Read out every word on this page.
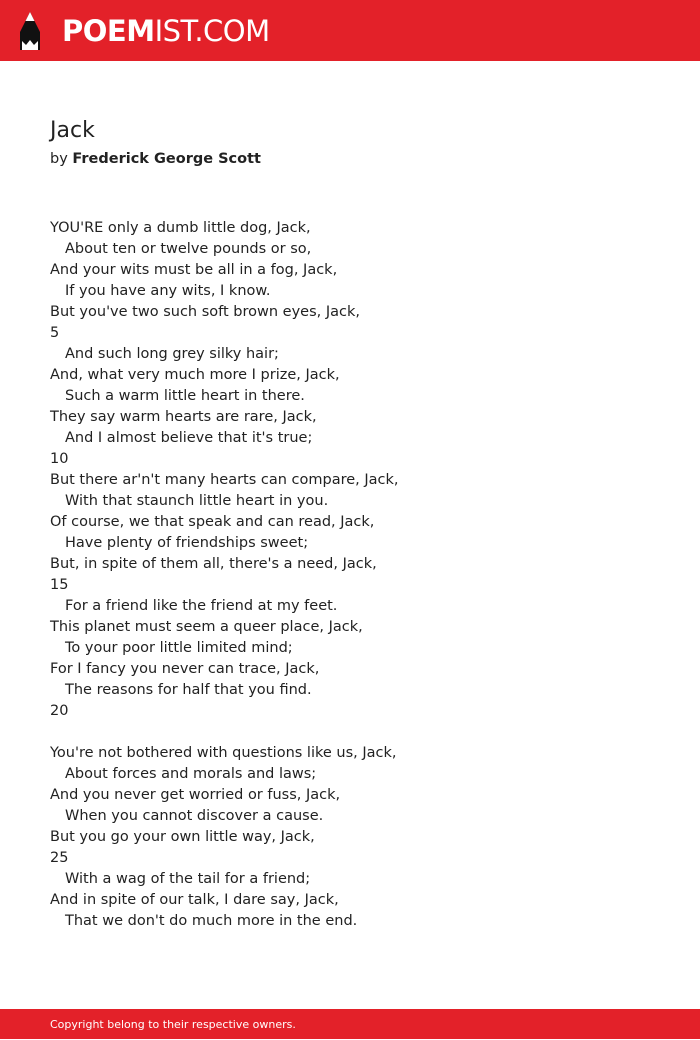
POEMIST.COM
Jack
by Frederick George Scott
YOU'RE only a dumb little dog, Jack,
About ten or twelve pounds or so,
And your wits must be all in a fog, Jack,
If you have any wits, I know.
But you've two such soft brown eyes, Jack,
5
And such long grey silky hair;
And, what very much more I prize, Jack,
Such a warm little heart in there.
They say warm hearts are rare, Jack,
And I almost believe that it's true;
10
But there ar'n't many hearts can compare, Jack,
With that staunch little heart in you.
Of course, we that speak and can read, Jack,
Have plenty of friendships sweet;
But, in spite of them all, there's a need, Jack,
15
For a friend like the friend at my feet.
This planet must seem a queer place, Jack,
To your poor little limited mind;
For I fancy you never can trace, Jack,
The reasons for half that you find.
20
You're not bothered with questions like us, Jack,
About forces and morals and laws;
And you never get worried or fuss, Jack,
When you cannot discover a cause.
But you go your own little way, Jack,
25
With a wag of the tail for a friend;
And in spite of our talk, I dare say, Jack,
That we don't do much more in the end.
Copyright belong to their respective owners.
